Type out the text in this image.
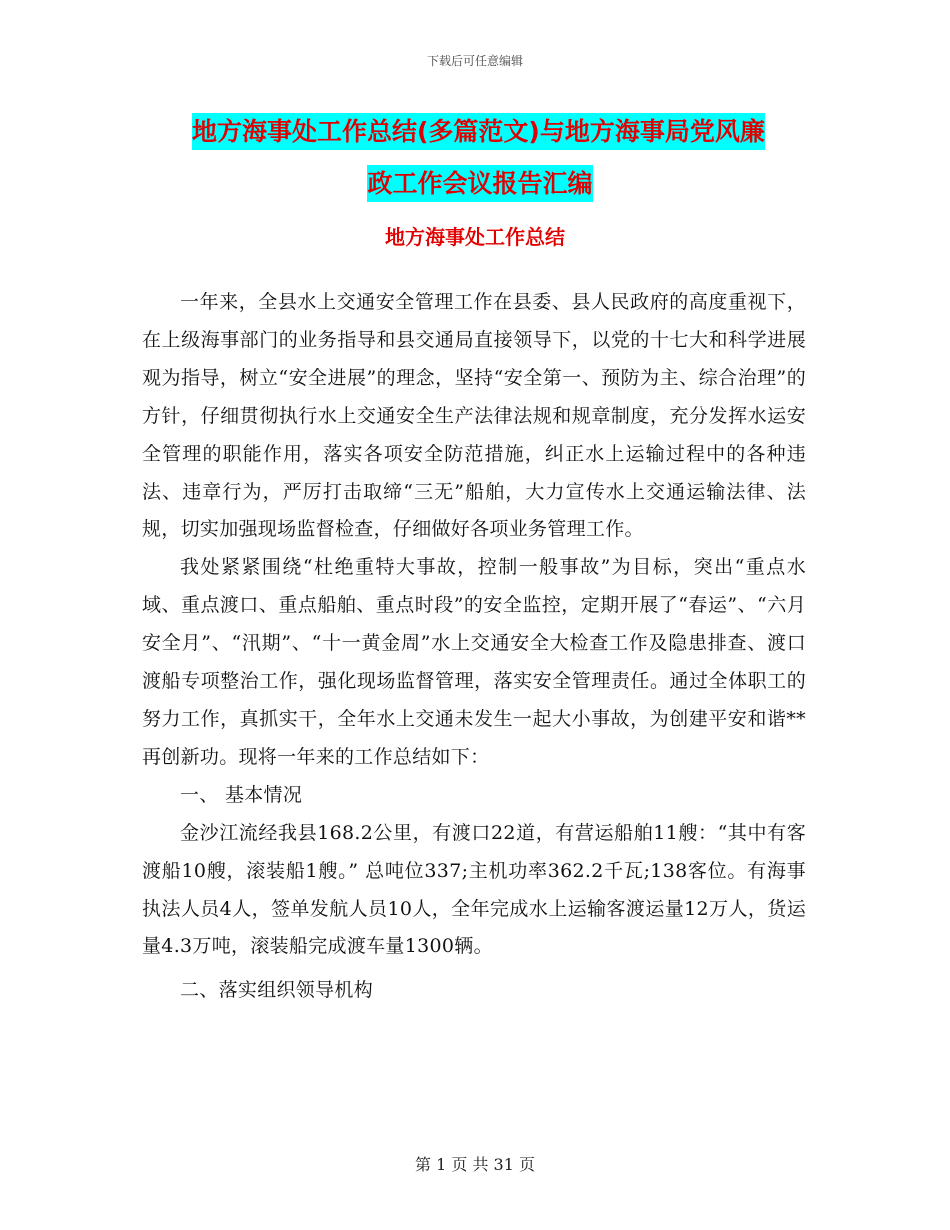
下载后可任意编辑
地方海事处工作总结(多篇范文)与地方海事局党风廉
政工作会议报告汇编
地方海事处工作总结

一年来，全县水上交通安全管理工作在县委、县人民政府的高度重视下，在上级海事部门的业务指导和县交通局直接领导下，以党的十七大和科学进展观为指导，树立“安全进展”的理念，坚持“安全第一、预防为主、综合治理”的方针，仔细贯彻执行水上交通安全生产法律法规和规章制度，充分发挥水运安全管理的职能作用，落实各项安全防范措施，纠正水上运输过程中的各种违法、违章行为，严厉打击取缔“三无”船舶，大力宣传水上交通运输法律、法规，切实加强现场监督检查，仔细做好各项业务管理工作。

我处紧紧围绕“杜绝重特大事故，控制一般事故”为目标，突出“重点水域、重点渡口、重点船舶、重点时段”的安全监控，定期开展了“春运”、“六月安全月”、“汛期”、“十一黄金周”水上交通安全大检查工作及隐患排查、渡口渡船专项整治工作，强化现场监督管理，落实安全管理责任。通过全体职工的努力工作，真抓实干，全年水上交通未发生一起大小事故，为创建平安和谐**再创新功。现将一年来的工作总结如下：

一、 基本情况

金沙江流经我县168.2公里，有渡口22道，有营运船舶11艘：“其中有客渡船10艘，滚装船1艘。” 总吨位337;主机功率362.2千瓦;138客位。有海事执法人员4人，签单发航人员10人，全年完成水上运输客渡运量12万人，货运量4.3万吨，滚装船完成渡车量1300辆。

二、落实组织领导机构

第 1 页 共 31 页
